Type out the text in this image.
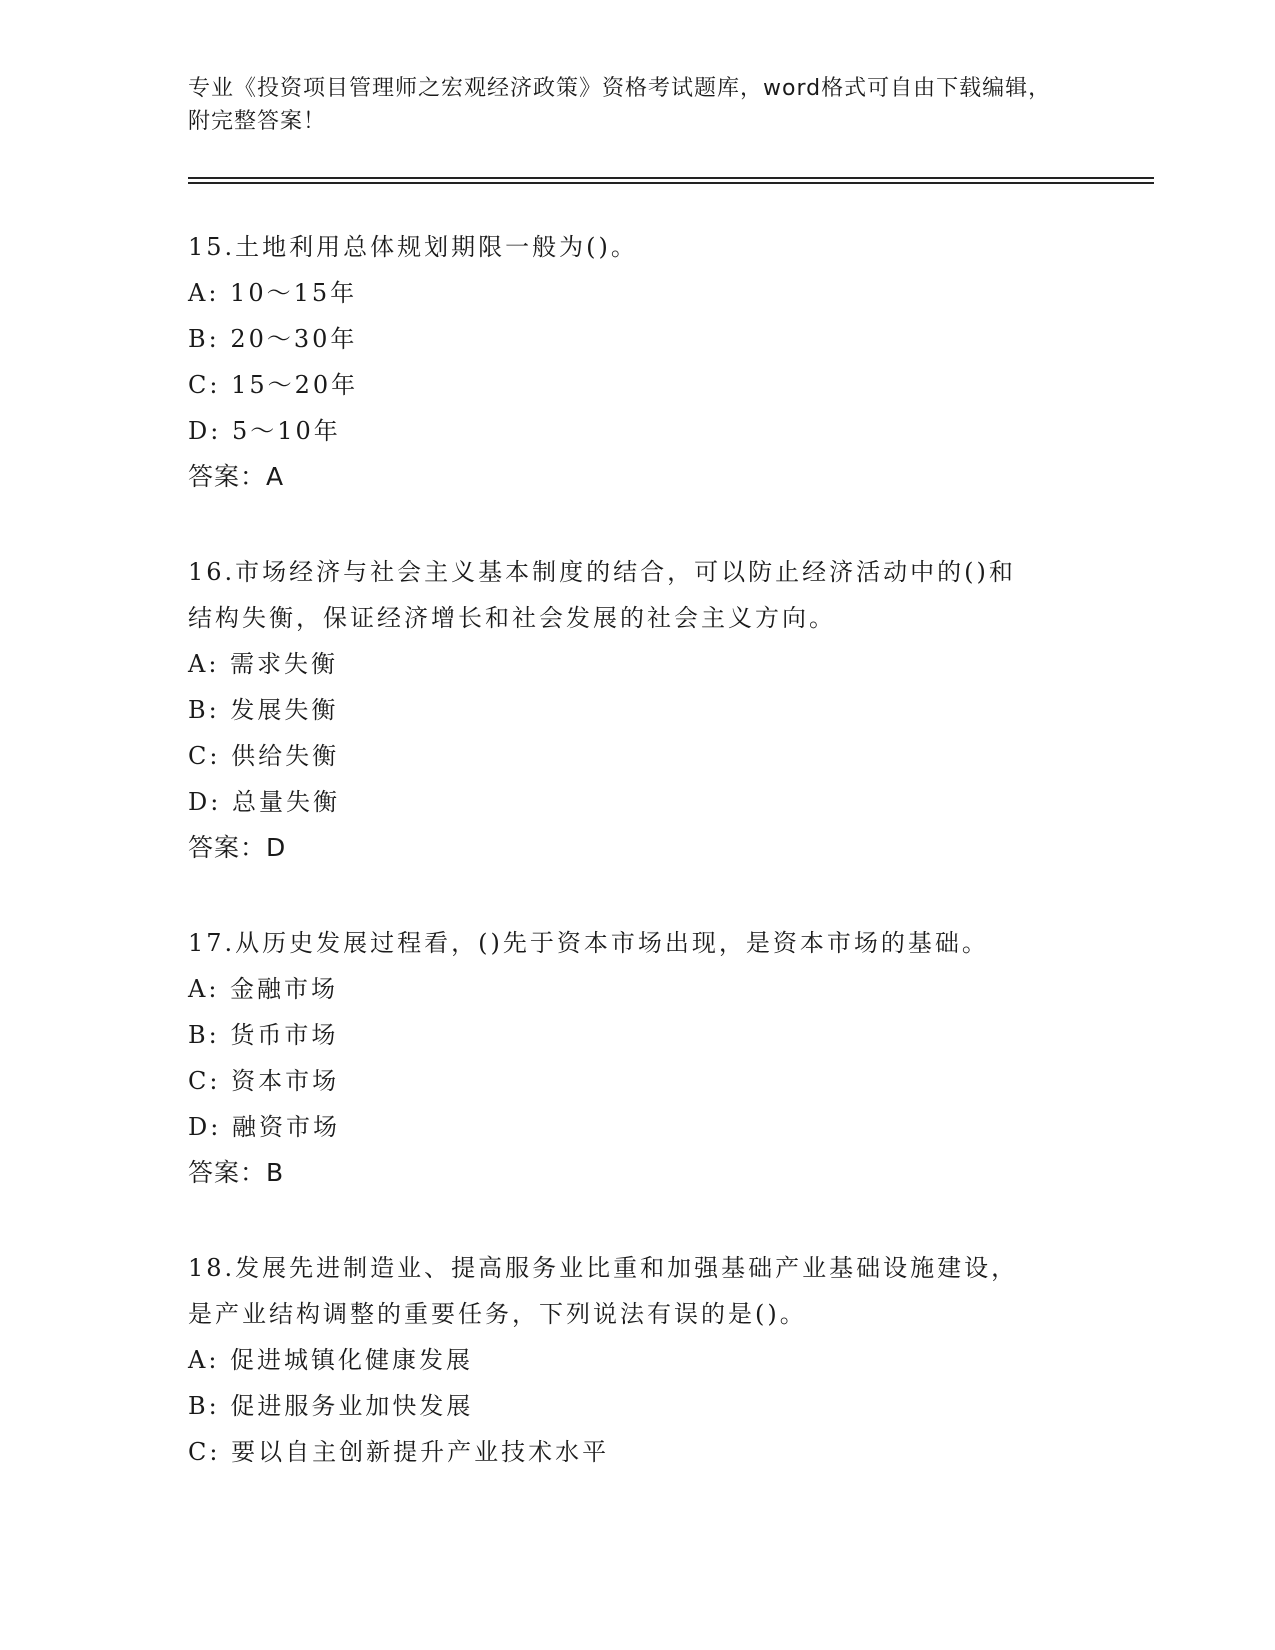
专业《投资项目管理师之宏观经济政策》资格考试题库，word格式可自由下载编辑，附完整答案！
15.土地利用总体规划期限一般为()。
A: 10～15年
B: 20～30年
C: 15～20年
D: 5～10年
答案：A
16.市场经济与社会主义基本制度的结合，可以防止经济活动中的()和
结构失衡，保证经济增长和社会发展的社会主义方向。
A: 需求失衡
B: 发展失衡
C: 供给失衡
D: 总量失衡
答案：D
17.从历史发展过程看，()先于资本市场出现，是资本市场的基础。
A: 金融市场
B: 货币市场
C: 资本市场
D: 融资市场
答案：B
18.发展先进制造业、提高服务业比重和加强基础产业基础设施建设，
是产业结构调整的重要任务，下列说法有误的是()。
A: 促进城镇化健康发展
B: 促进服务业加快发展
C: 要以自主创新提升产业技术水平
